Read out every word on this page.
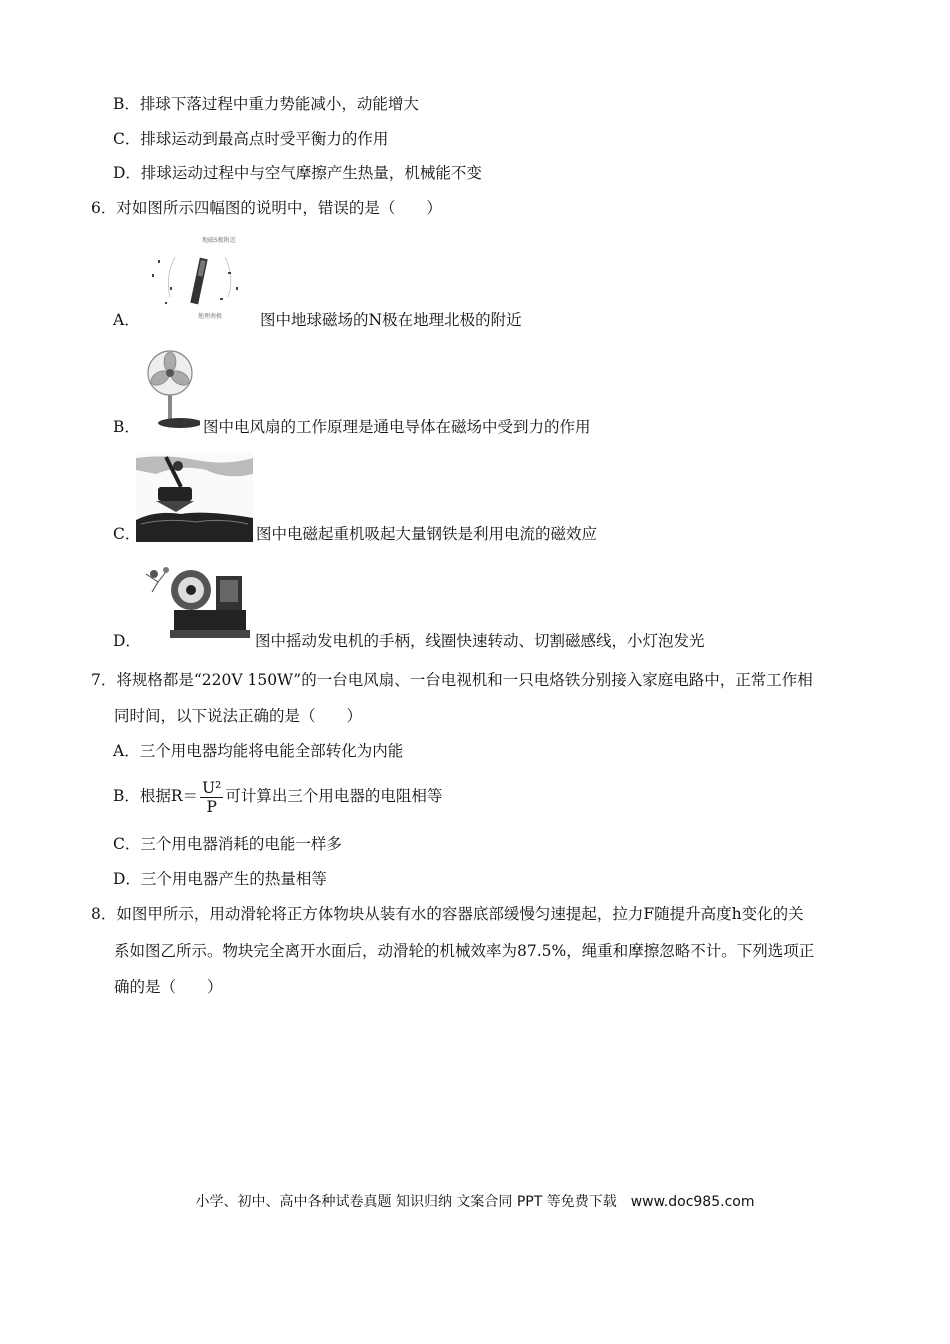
B．排球下落过程中重力势能减小，动能增大
C．排球运动到最高点时受平衡力的作用
D．排球运动过程中与空气摩擦产生热量，机械能不变
6．对如图所示四幅图的说明中，错误的是（　　）
地磁S极附近
地理南极
A．	图中地球磁场的N极在地理北极的附近
B．	图中电风扇的工作原理是通电导体在磁场中受到力的作用
C．	图中电磁起重机吸起大量钢铁是利用电流的磁效应
D．	图中摇动发电机的手柄，线圈快速转动、切割磁感线，小灯泡发光
7．将规格都是“220V 150W”的一台电风扇、一台电视机和一只电烙铁分别接入家庭电路中，正常工作相
同时间，以下说法正确的是（　　）
A．三个用电器均能将电能全部转化为内能
B．根据$R= \frac{\text{U²}}{P}$ 可计算出三个用电器的电阻相等
C．三个用电器消耗的电能一样多
D．三个用电器产生的热量相等
8．如图甲所示，用动滑轮将正方体物块从装有水的容器底部缓慢匀速提起，拉力F随提升高度h变化的关
系如图乙所示。物块完全离开水面后，动滑轮的机械效率为87.5%，绳重和摩擦忽略不计。下列选项正
确的是（　　）
小学、初中、高中各种试卷真题 知识归纳 文案合同 PPT 等免费下载　www.doc985.com
